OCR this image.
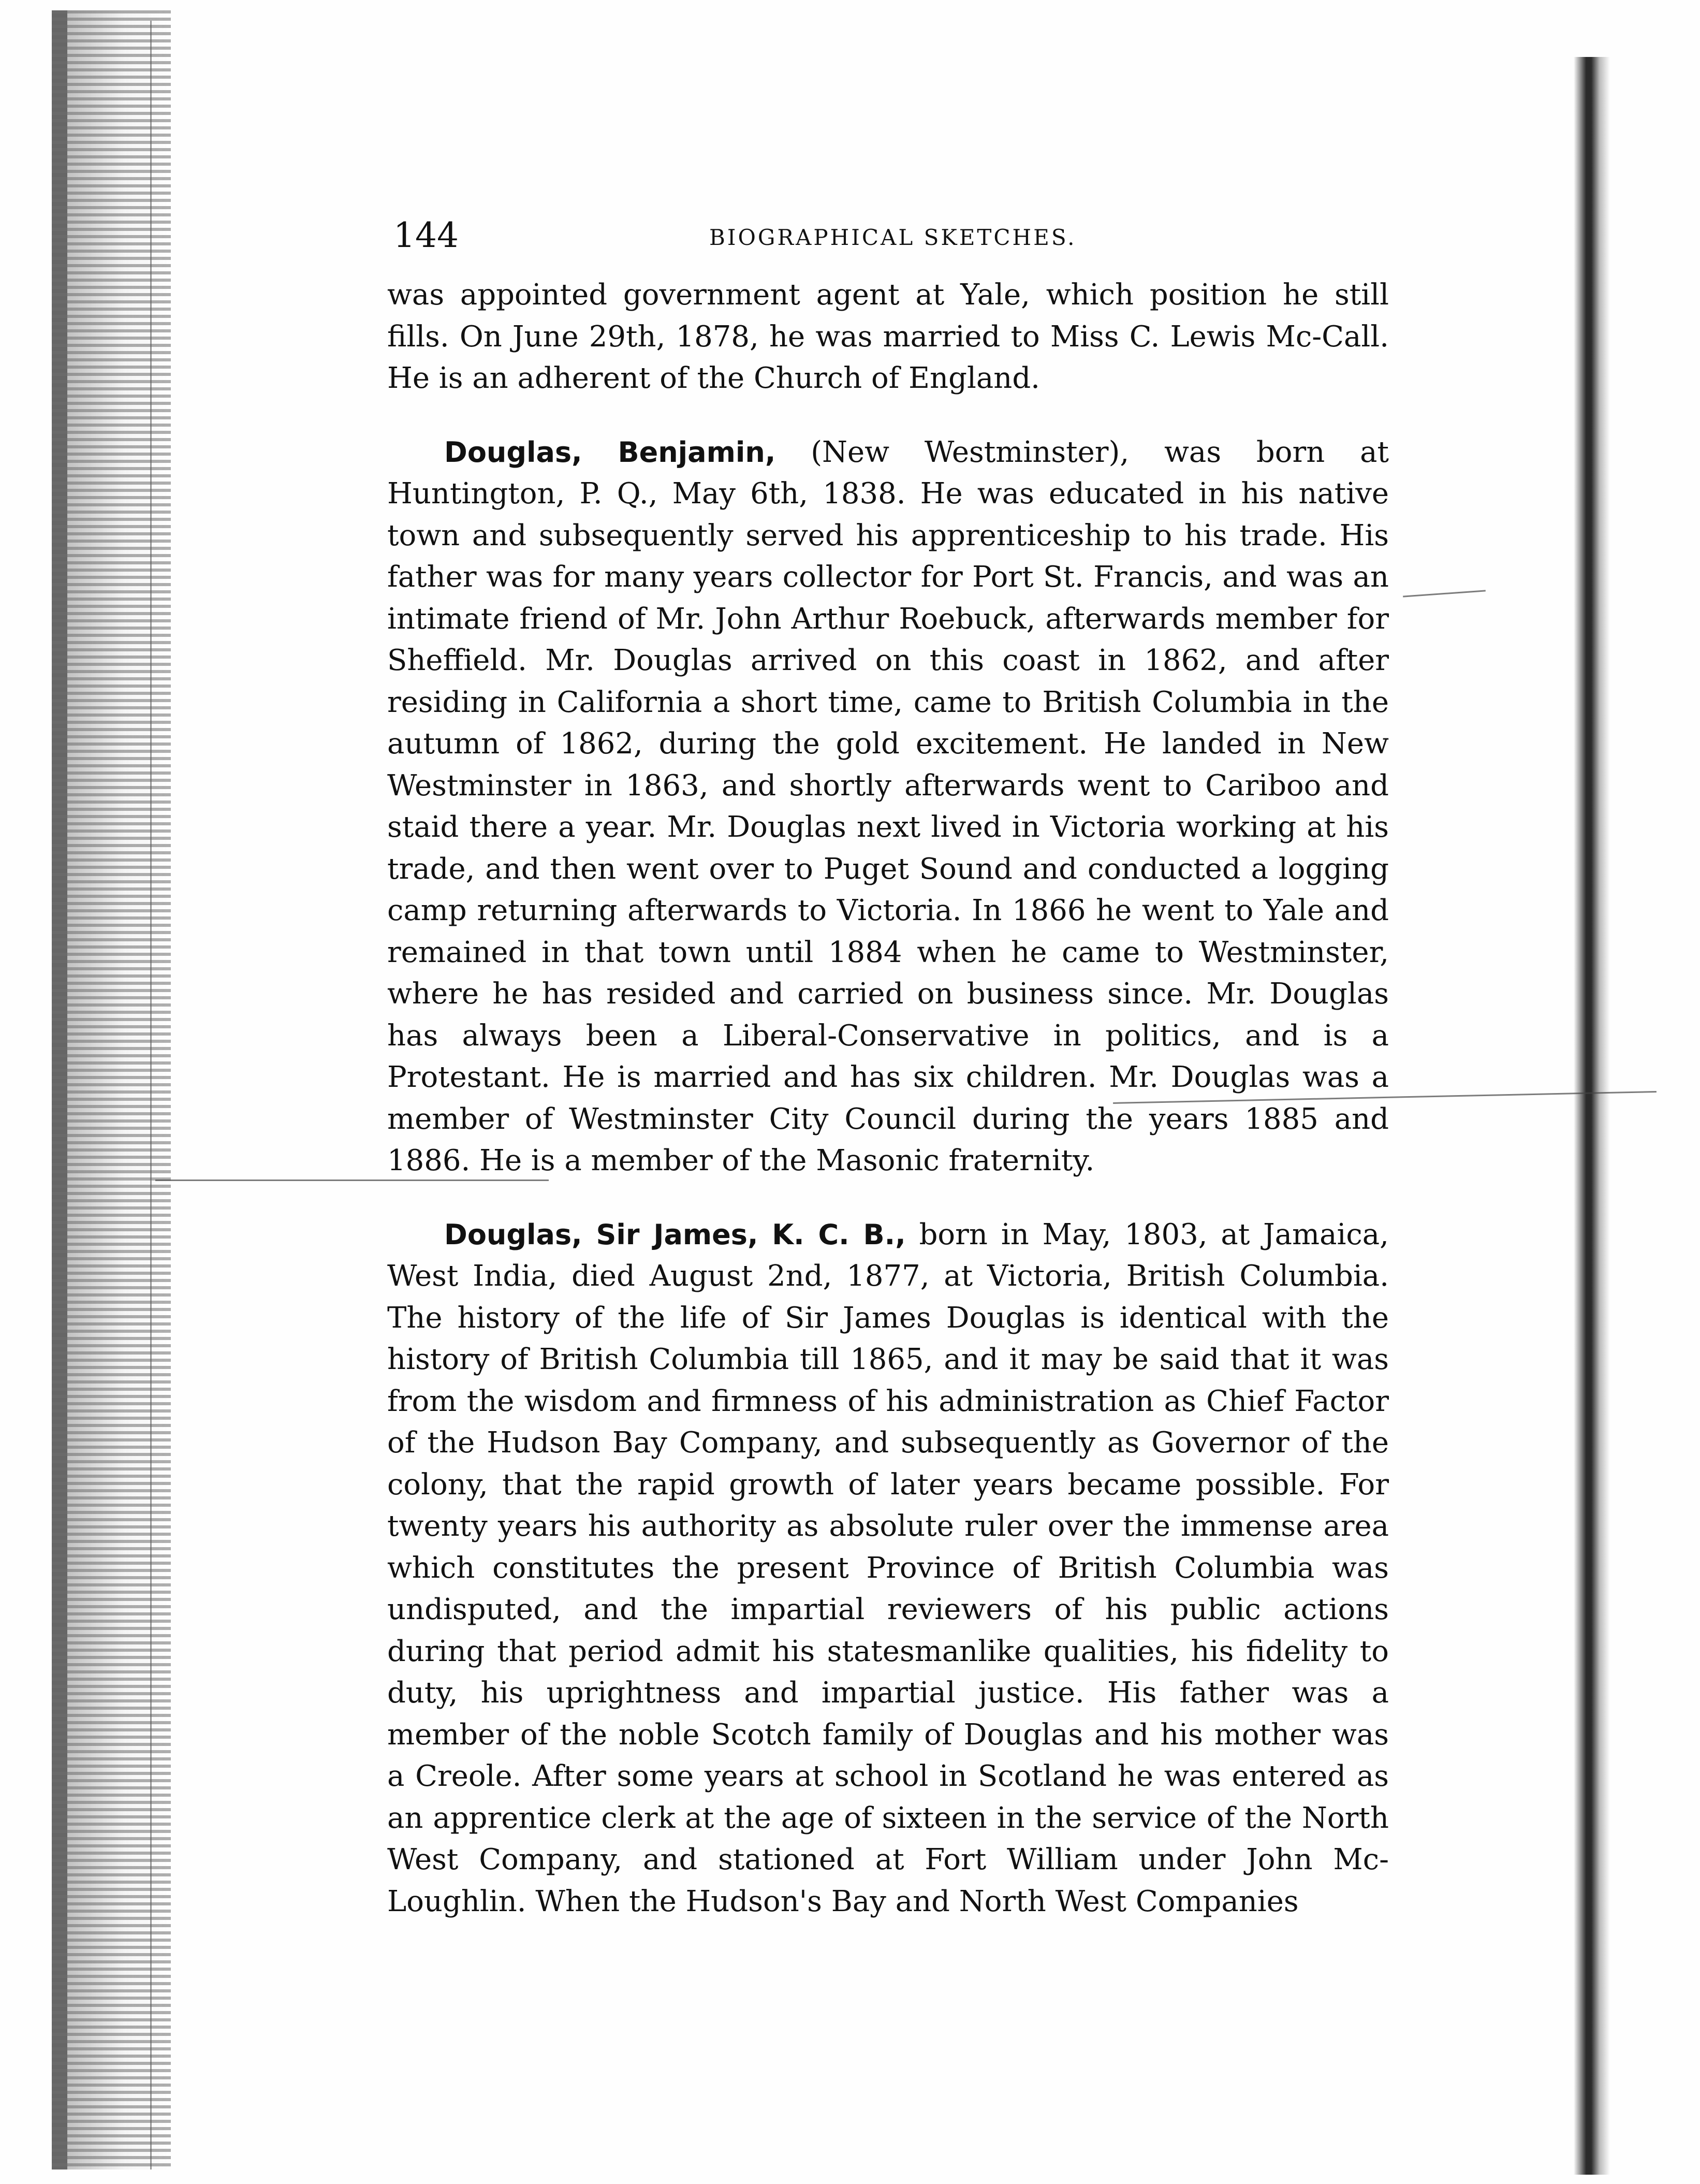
144	BIOGRAPHICAL SKETCHES.

was appointed government agent at Yale, which position he still fills. On June 29th, 1878, he was married to Miss C. Lewis Mc-Call. He is an adherent of the Church of England.

Douglas, Benjamin, (New Westminster), was born at Huntington, P. Q., May 6th, 1838. He was educated in his native town and subsequently served his apprenticeship to his trade. His father was for many years collector for Port St. Francis, and was an intimate friend of Mr. John Arthur Roebuck, afterwards member for Sheffield. Mr. Douglas arrived on this coast in 1862, and after residing in California a short time, came to British Columbia in the autumn of 1862, during the gold excitement. He landed in New Westminster in 1863, and shortly afterwards went to Cariboo and staid there a year. Mr. Douglas next lived in Victoria working at his trade, and then went over to Puget Sound and conducted a logging camp returning afterwards to Victoria. In 1866 he went to Yale and remained in that town until 1884 when he came to Westminster, where he has resided and carried on business since. Mr. Douglas has always been a Liberal-Conservative in politics, and is a Protestant. He is married and has six children. Mr. Douglas was a member of Westminster City Council during the years 1885 and 1886. He is a member of the Masonic fraternity.

Douglas, Sir James, K. C. B., born in May, 1803, at Jamaica, West India, died August 2nd, 1877, at Victoria, British Columbia. The history of the life of Sir James Douglas is identical with the history of British Columbia till 1865, and it may be said that it was from the wisdom and firmness of his administration as Chief Factor of the Hudson Bay Company, and subsequently as Governor of the colony, that the rapid growth of later years became possible. For twenty years his authority as absolute ruler over the immense area which constitutes the present Province of British Columbia was undisputed, and the impartial reviewers of his public actions during that period admit his statesmanlike qualities, his fidelity to duty, his uprightness and impartial justice. His father was a member of the noble Scotch family of Douglas and his mother was a Creole. After some years at school in Scotland he was entered as an apprentice clerk at the age of sixteen in the service of the North West Company, and stationed at Fort William under John Mc-Loughlin. When the Hudson's Bay and North West Companies
